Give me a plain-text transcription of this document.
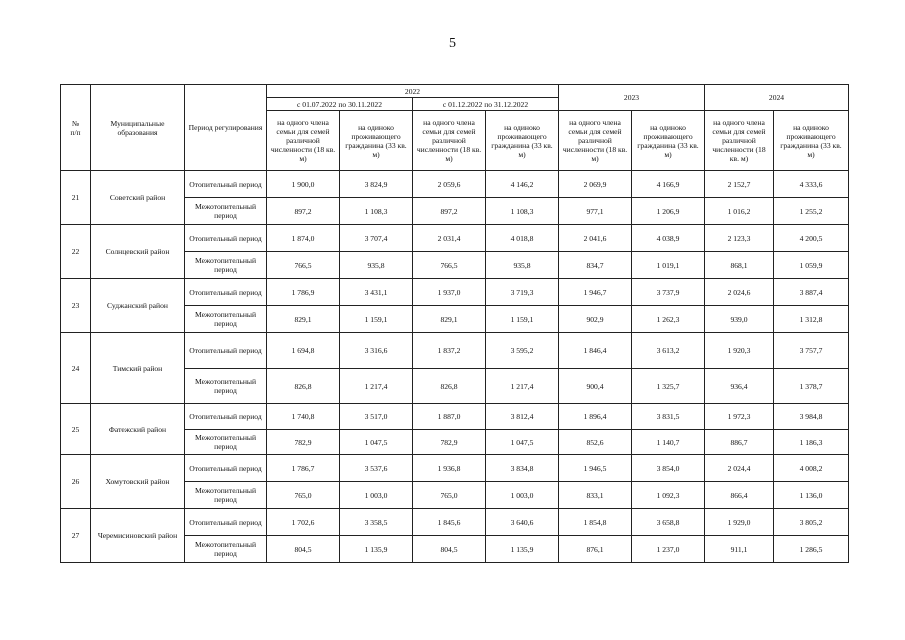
5
№
п/п	Муниципальные образования	Период регулирования	2022				2023		2024	
			с 01.07.2022 по 30.11.2022		с 01.12.2022 по 31.12.2022					
			на одного члена семьи для семей различной численности (18 кв. м)	на одиноко проживающего гражданина (33 кв. м)	на одного члена семьи для семей различной численности (18 кв. м)	на одиноко проживающего гражданина (33 кв. м)	на одного члена семьи для семей различной численности (18 кв. м)	на одиноко проживающего гражданина (33 кв. м)	на одного члена семьи для семей различной численности (18 кв. м)	на одиноко проживающего гражданина (33 кв. м)
21	Советский район	Отопительный период	1 900,0	3 824,9	2 059,6	4 146,2	2 069,9	4 166,9	2 152,7	4 333,6
		Межотопительный период	897,2	1 108,3	897,2	1 108,3	977,1	1 206,9	1 016,2	1 255,2
22	Солнцевский район	Отопительный период	1 874,0	3 707,4	2 031,4	4 018,8	2 041,6	4 038,9	2 123,3	4 200,5
		Межотопительный период	766,5	935,8	766,5	935,8	834,7	1 019,1	868,1	1 059,9
23	Суджанский район	Отопительный период	1 786,9	3 431,1	1 937,0	3 719,3	1 946,7	3 737,9	2 024,6	3 887,4
		Межотопительный период	829,1	1 159,1	829,1	1 159,1	902,9	1 262,3	939,0	1 312,8
24	Тимский район	Отопительный период	1 694,8	3 316,6	1 837,2	3 595,2	1 846,4	3 613,2	1 920,3	3 757,7
		Межотопительный период	826,8	1 217,4	826,8	1 217,4	900,4	1 325,7	936,4	1 378,7
25	Фатежский район	Отопительный период	1 740,8	3 517,0	1 887,0	3 812,4	1 896,4	3 831,5	1 972,3	3 984,8
		Межотопительный период	782,9	1 047,5	782,9	1 047,5	852,6	1 140,7	886,7	1 186,3
26	Хомутовский район	Отопительный период	1 786,7	3 537,6	1 936,8	3 834,8	1 946,5	3 854,0	2 024,4	4 008,2
		Межотопительный период	765,0	1 003,0	765,0	1 003,0	833,1	1 092,3	866,4	1 136,0
27	Черемисиновский район	Отопительный период	1 702,6	3 358,5	1 845,6	3 640,6	1 854,8	3 658,8	1 929,0	3 805,2
		Межотопительный период	804,5	1 135,9	804,5	1 135,9	876,1	1 237,0	911,1	1 286,5
